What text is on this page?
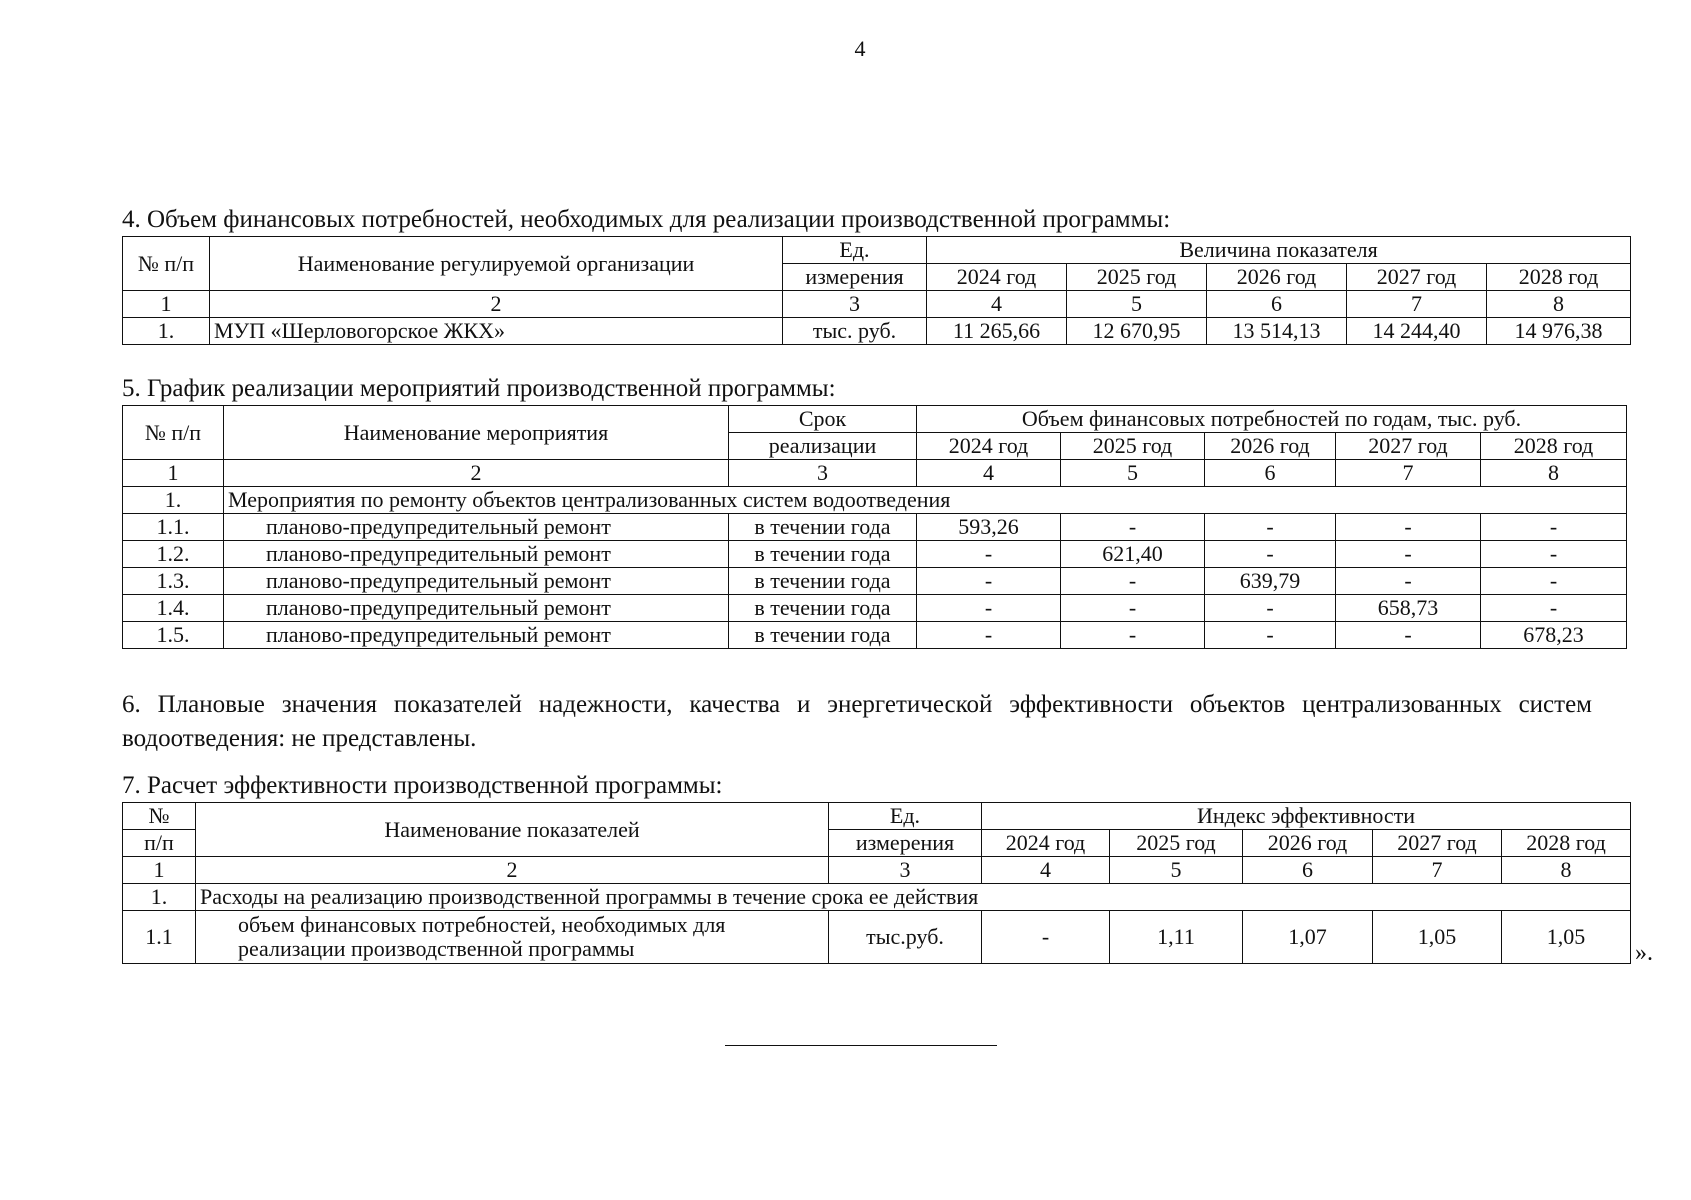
4
4. Объем финансовых потребностей, необходимых для реализации производственной программы:
№ п/п	Наименование регулируемой организации	Ед.	Величина показателя				
		измерения	2024 год	2025 год	2026 год	2027 год	2028 год
1	2	3	4	5	6	7	8
1.	МУП «Шерловогорское ЖКХ»	тыс. руб.	11 265,66	12 670,95	13 514,13	14 244,40	14 976,38
5. График реализации мероприятий производственной программы:
№ п/п	Наименование мероприятия	Срок	Объем финансовых потребностей по годам, тыс. руб.				
		реализации	2024 год	2025 год	2026 год	2027 год	2028 год
1	2	3	4	5	6	7	8
1.	Мероприятия по ремонту объектов централизованных систем водоотведения						
1.1.	планово-предупредительный ремонт	в течении года	593,26	-	-	-	-
1.2.	планово-предупредительный ремонт	в течении года	-	621,40	-	-	-
1.3.	планово-предупредительный ремонт	в течении года	-	-	639,79	-	-
1.4.	планово-предупредительный ремонт	в течении года	-	-	-	658,73	-
1.5.	планово-предупредительный ремонт	в течении года	-	-	-	-	678,23
6. Плановые значения показателей надежности, качества и энергетической эффективности объектов централизованных систем водоотведения: не представлены.
7. Расчет эффективности производственной программы:
№	Наименование показателей	Ед.	Индекс эффективности				
п/п		измерения	2024 год	2025 год	2026 год	2027 год	2028 год
1	2	3	4	5	6	7	8
1.	Расходы на реализацию производственной программы в течение срока ее действия						
1.1	объем финансовых потребностей, необходимых для реализации производственной программы	тыс.руб.	-	1,11	1,07	1,05	1,05
».
